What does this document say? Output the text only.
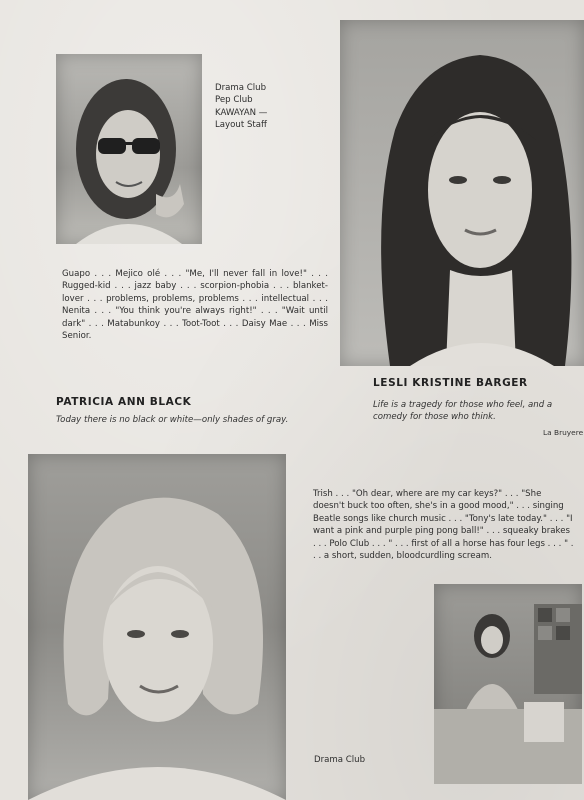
Drama Club
Pep Club
KAWAYAN —
Layout Staff
Guapo . . . Mejico olé . . . "Me, I'll never fall in love!" . . . Rugged-kid . . . jazz baby . . . scorpion-phobia . . . blanket-lover . . . problems, problems, problems . . . intellectual . . . Nenita . . . "You think you're always right!" . . . "Wait until dark" . . . Matabunkoy . . . Toot-Toot . . . Daisy Mae . . . Miss Senior.
LESLI KRISTINE BARGER
Life is a tragedy for those who feel, and a comedy for those who think.
La Bruyere
PATRICIA ANN BLACK
Today there is no black or white—only shades of gray.
Trish . . . "Oh dear, where are my car keys?" . . . "She doesn't buck too often, she's in a good mood," . . . singing Beatle songs like church music . . . "Tony's late today." . . . "I want a pink and purple ping pong ball!" . . . squeaky brakes . . . Polo Club . . . " . . . first of all a horse has four legs . . . " . . . a short, sudden, bloodcurdling scream.
Drama Club
